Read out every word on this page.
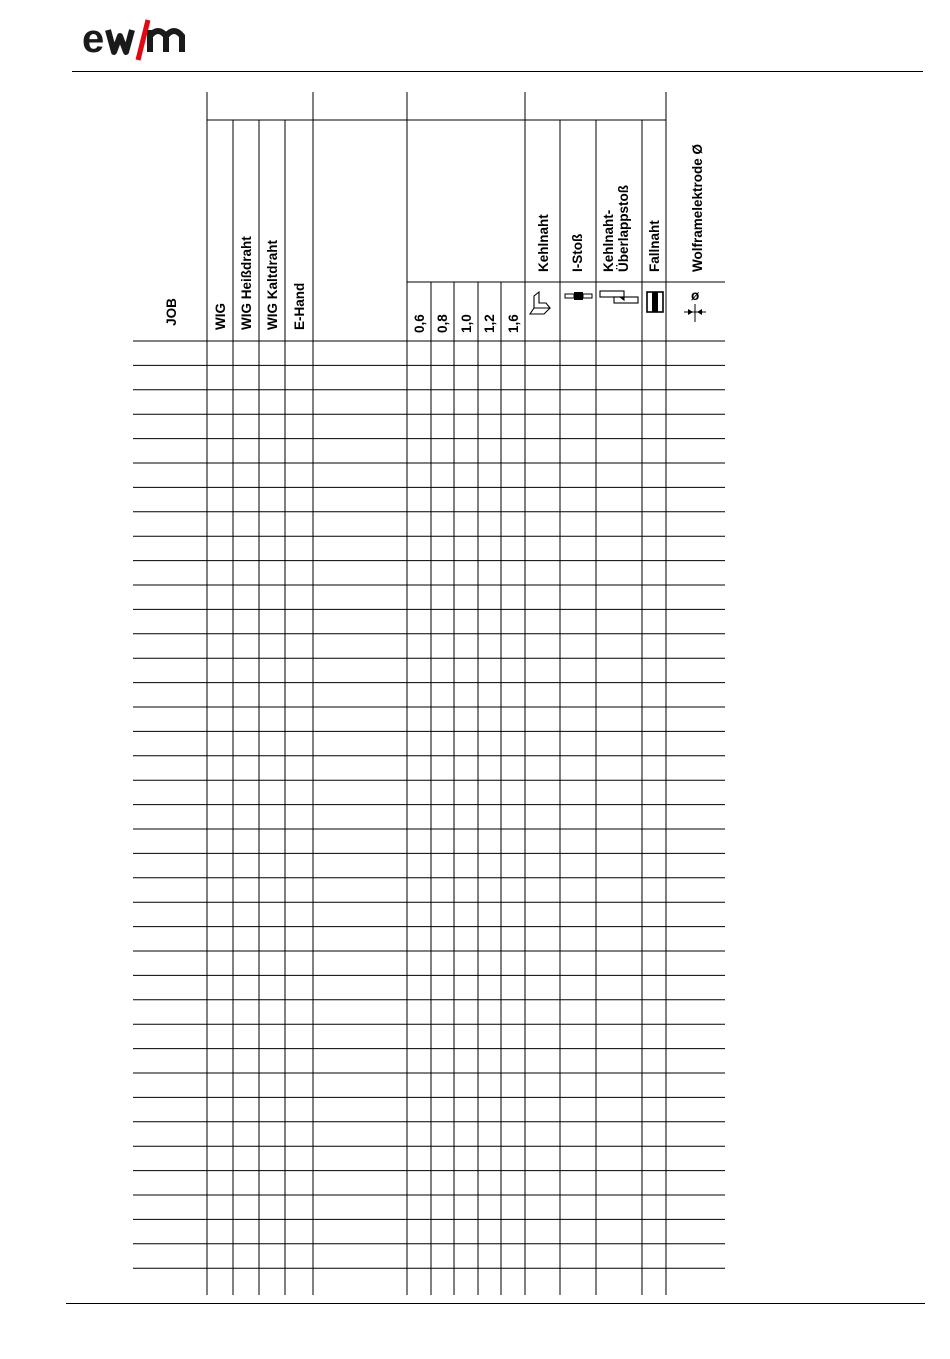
e
JOB	WIG WIG Heißdraht WIG Kaltdraht E-Hand	0,6 0,8 1,0 1,2 1,6
Kehlnaht I-Stoß Kehlnaht- Überlappstoß Fallnaht Wolframelektrode Ø
ø
